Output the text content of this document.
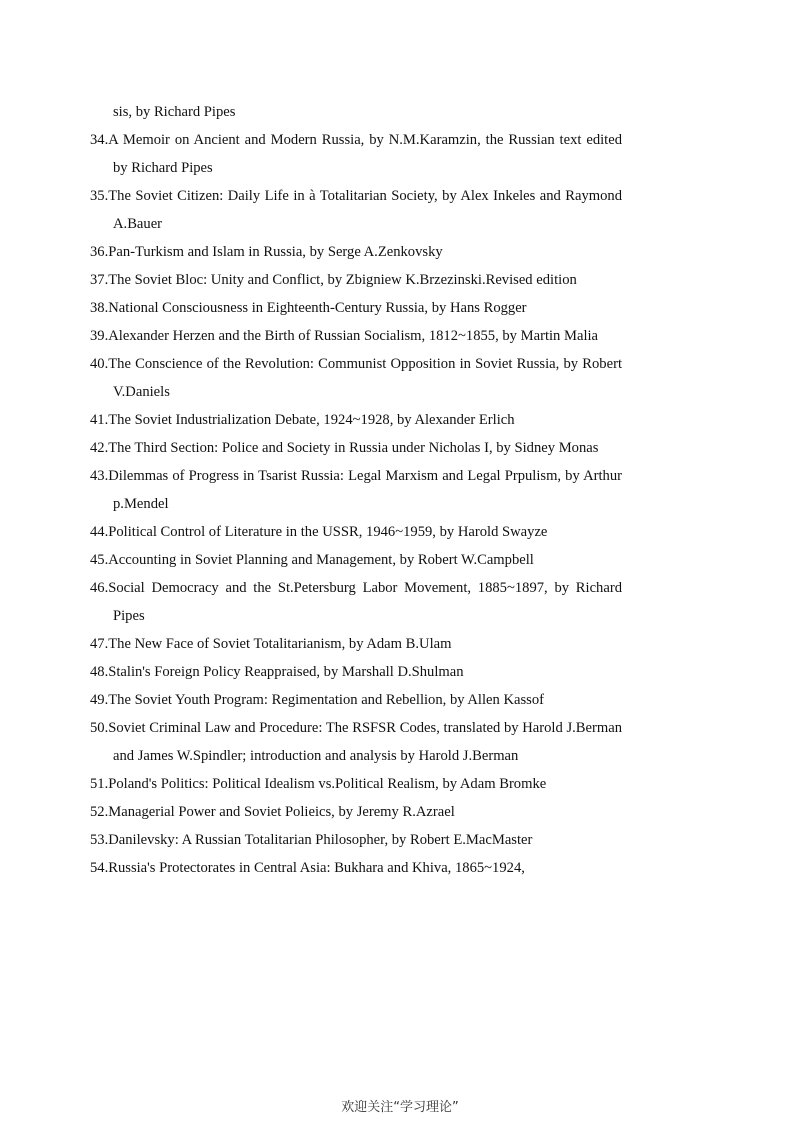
sis, by Richard Pipes
34.A Memoir on Ancient and Modern Russia, by N.M.Karamzin, the Russian text edited by Richard Pipes
35.The Soviet Citizen: Daily Life in à Totalitarian Society, by Alex Inkeles and Raymond A.Bauer
36.Pan-Turkism and Islam in Russia, by Serge A.Zenkovsky
37.The Soviet Bloc: Unity and Conflict, by Zbigniew K.Brzezinski.Revised edition
38.National Consciousness in Eighteenth-Century Russia, by Hans Rogger
39.Alexander Herzen and the Birth of Russian Socialism, 1812~1855, by Martin Malia
40.The Conscience of the Revolution: Communist Opposition in Soviet Russia, by Robert V.Daniels
41.The Soviet Industrialization Debate, 1924~1928, by Alexander Erlich
42.The Third Section: Police and Society in Russia under Nicholas I, by Sidney Monas
43.Dilemmas of Progress in Tsarist Russia: Legal Marxism and Legal Prpulism, by Arthur p.Mendel
44.Political Control of Literature in the USSR, 1946~1959, by Harold Swayze
45.Accounting in Soviet Planning and Management, by Robert W.Campbell
46.Social Democracy and the St.Petersburg Labor Movement, 1885~1897, by Richard Pipes
47.The New Face of Soviet Totalitarianism, by Adam B.Ulam
48.Stalin's Foreign Policy Reappraised, by Marshall D.Shulman
49.The Soviet Youth Program: Regimentation and Rebellion, by Allen Kassof
50.Soviet Criminal Law and Procedure: The RSFSR Codes, translated by Harold J.Berman and James W.Spindler; introduction and analysis by Harold J.Berman
51.Poland's Politics: Political Idealism vs.Political Realism, by Adam Bromke
52.Managerial Power and Soviet Polieics, by Jeremy R.Azrael
53.Danilevsky: A Russian Totalitarian Philosopher, by Robert E.MacMaster
54.Russia's Protectorates in Central Asia: Bukhara and Khiva, 1865~1924,
欢迎关注“学习理论”
